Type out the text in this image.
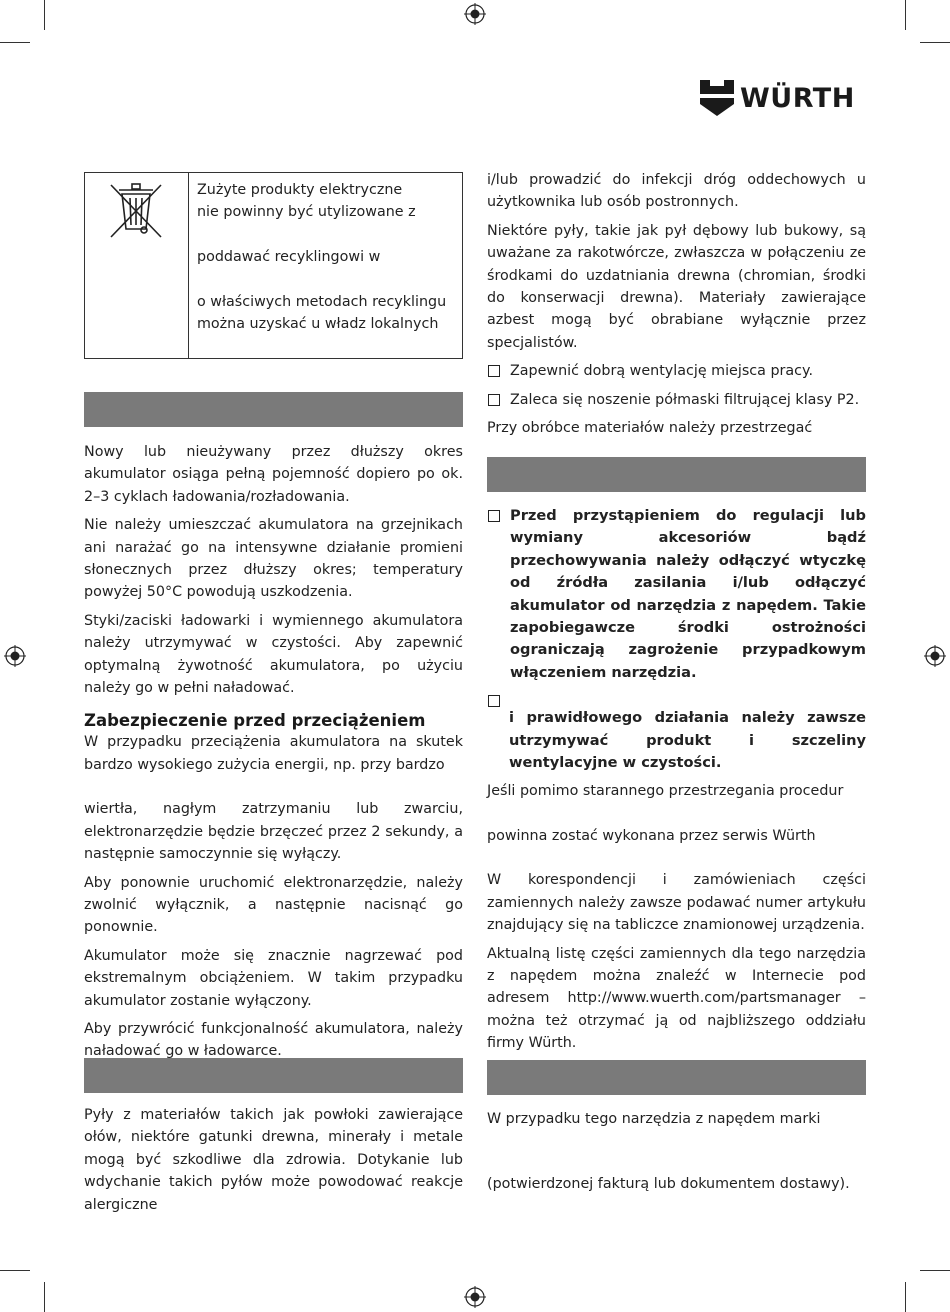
WÜRTH

Zużyte produkty elektryczne
nie powinny być utylizowane z
poddawać recyklingowi w
o właściwych metodach recyklingu
można uzyskać u władz lokalnych

Nowy lub nieużywany przez dłuższy okres akumulator osiąga pełną pojemność dopiero po ok. 2–3 cyklach ładowania/rozładowania.

Nie należy umieszczać akumulatora na grzejnikach ani narażać go na intensywne działanie promieni słonecznych przez dłuższy okres; temperatury powyżej 50°C powodują uszkodzenia.

Styki/zaciski ładowarki i wymiennego akumulatora należy utrzymywać w czystości. Aby zapewnić optymalną żywotność akumulatora, po użyciu należy go w pełni naładować.

Zabezpieczenie przed przeciążeniem

W przypadku przeciążenia akumulatora na skutek bardzo wysokiego zużycia energii, np. przy bardzo

wiertła, nagłym zatrzymaniu lub zwarciu, elektronarzędzie będzie brzęczeć przez 2 sekundy, a następnie samoczynnie się wyłączy.

Aby ponownie uruchomić elektronarzędzie, należy zwolnić wyłącznik, a następnie nacisnąć go ponownie.

Akumulator może się znacznie nagrzewać pod ekstremalnym obciążeniem. W takim przypadku akumulator zostanie wyłączony.

Aby przywrócić funkcjonalność akumulatora, należy naładować go w ładowarce.

Pyły z materiałów takich jak powłoki zawierające ołów, niektóre gatunki drewna, minerały i metale mogą być szkodliwe dla zdrowia. Dotykanie lub wdychanie takich pyłów może powodować reakcje alergiczne

i/lub prowadzić do infekcji dróg oddechowych u użytkownika lub osób postronnych.

Niektóre pyły, takie jak pył dębowy lub bukowy, są uważane za rakotwórcze, zwłaszcza w połączeniu ze środkami do uzdatniania drewna (chromian, środki do konserwacji drewna). Materiały zawierające azbest mogą być obrabiane wyłącznie przez specjalistów.

Zapewnić dobrą wentylację miejsca pracy.
Zaleca się noszenie półmaski filtrującej klasy P2.

Przy obróbce materiałów należy przestrzegać

Przed przystąpieniem do regulacji lub wymiany akcesoriów bądź przechowywania należy odłączyć wtyczkę od źródła zasilania i/lub odłączyć akumulator od narzędzia z napędem. Takie zapobiegawcze środki ostrożności ograniczają zagrożenie przypadkowym włączeniem narzędzia.
i prawidłowego działania należy zawsze utrzymywać produkt i szczeliny wentylacyjne w czystości.

Jeśli pomimo starannego przestrzegania procedur

powinna zostać wykonana przez serwis Würth

W korespondencji i zamówieniach części zamiennych należy zawsze podawać numer artykułu znajdujący się na tabliczce znamionowej urządzenia.

Aktualną listę części zamiennych dla tego narzędzia z napędem można znaleźć w Internecie pod adresem http://www.wuerth.com/partsmanager – można też otrzymać ją od najbliższego oddziału firmy Würth.

W przypadku tego narzędzia z napędem marki

(potwierdzonej fakturą lub dokumentem dostawy).
